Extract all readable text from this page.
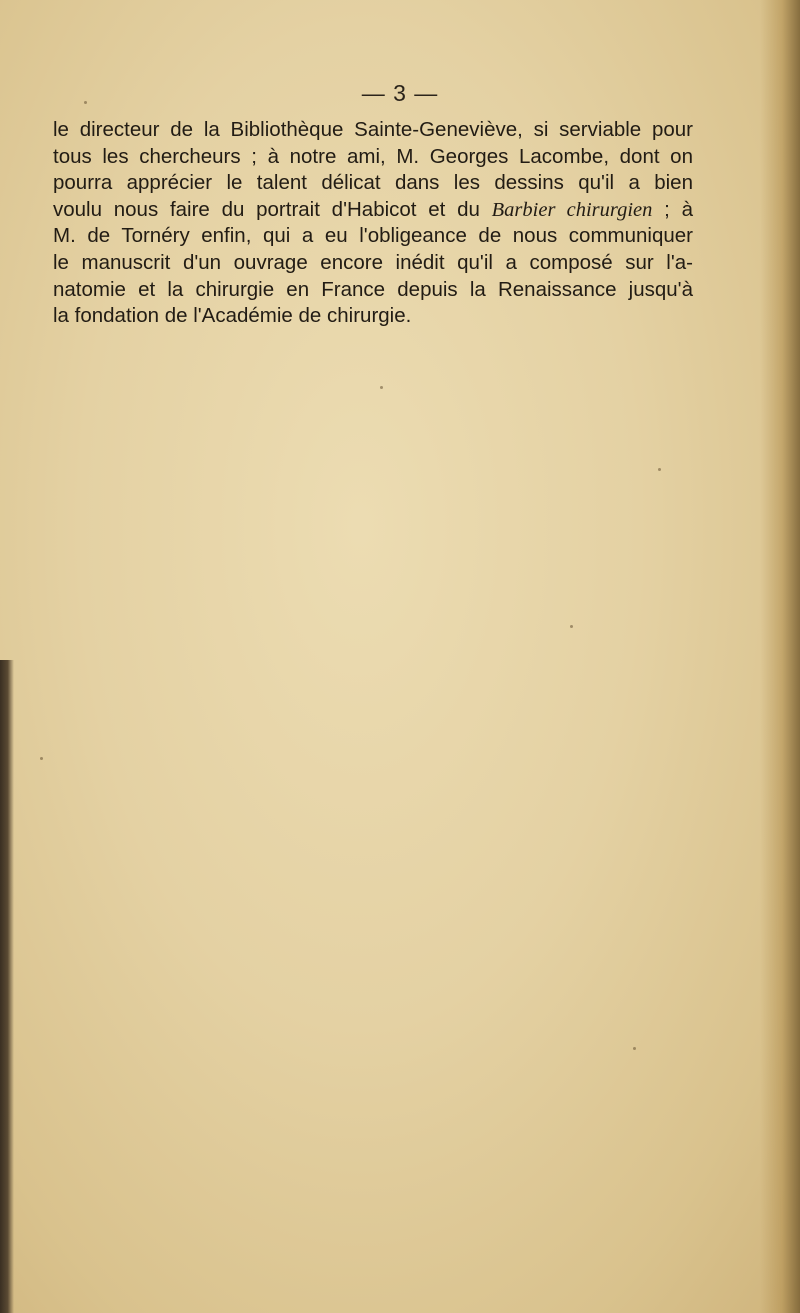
— 3 —
le directeur de la Bibliothèque Sainte-Geneviève, si serviable pour
tous les chercheurs ; à notre ami, M. Georges Lacombe, dont on
pourra apprécier le talent délicat dans les dessins qu'il a bien
voulu nous faire du portrait d'Habicot et du Barbier chirurgien ; à
M. de Tornéry enfin, qui a eu l'obligeance de nous communiquer
le manuscrit d'un ouvrage encore inédit qu'il a composé sur l'a-
natomie et la chirurgie en France depuis la Renaissance jusqu'à
la fondation de l'Académie de chirurgie.
